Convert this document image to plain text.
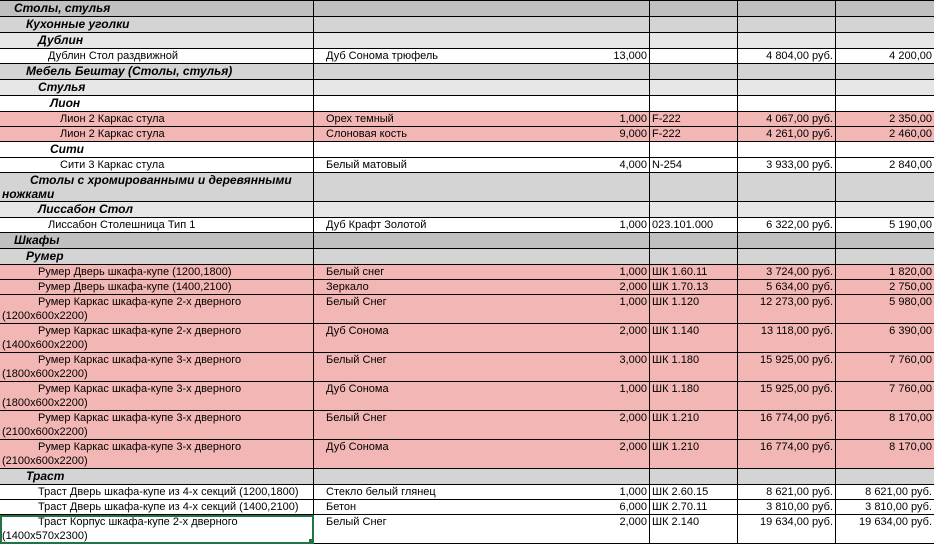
Столы, стулья					
Кухонные уголки					
Дублин					

Дублин Стол раздвижной	Дуб Сонома трюфель	13,000		4 804,00 руб.	4 200,00
Мебель Бештау (Столы, стулья)					
Стулья					
Лион					

Лион 2 Каркас стула	Орех темный	1,000	F-222	4 067,00 руб.	2 350,00

Лион 2 Каркас стула	Слоновая кость	9,000	F-222	4 261,00 руб.	2 460,00
Сити					

Сити 3 Каркас стула	Белый матовый	4,000	N-254	3 933,00 руб.	2 840,00

Столы с хромированными и деревянными ножками					

Лиссабон Стол					

Лиссабон Столешница Тип 1	Дуб Крафт Золотой	1,000	023.101.000	6 322,00 руб.	5 190,00
Шкафы					
Румер					

Румер Дверь шкафа-купе (1200,1800)	Белый снег	1,000	ШК 1.60.11	3 724,00 руб.	1 820,00

Румер Дверь шкафа-купе (1400,2100)	Зеркало	2,000	ШК 1.70.13	5 634,00 руб.	2 750,00

Румер Каркас шкафа-купе 2-х дверного (1200x600x2200)	Белый Снег	1,000	ШК 1.120	12 273,00 руб.	5 980,00

Румер Каркас шкафа-купе 2-х дверного (1400x600x2200)	Дуб Сонома	2,000	ШК 1.140	13 118,00 руб.	6 390,00

Румер Каркас шкафа-купе 3-х дверного (1800x600x2200)	Белый Снег	3,000	ШК 1.180	15 925,00 руб.	7 760,00

Румер Каркас шкафа-купе 3-х дверного (1800x600x2200)	Дуб Сонома	1,000	ШК 1.180	15 925,00 руб.	7 760,00

Румер Каркас шкафа-купе 3-х дверного (2100x600x2200)	Белый Снег	2,000	ШК 1.210	16 774,00 руб.	8 170,00

Румер Каркас шкафа-купе 3-х дверного (2100x600x2200)	Дуб Сонома	2,000	ШК 1.210	16 774,00 руб.	8 170,00
Траст					

Траст Дверь шкафа-купе из 4-х секций (1200,1800)	Стекло белый глянец	1,000	ШК 2.60.15	8 621,00 руб.	8 621,00 руб.

Траст Дверь шкафа-купе из 4-х секций (1400,2100)	Бетон	6,000	ШК 2.70.11	3 810,00 руб.	3 810,00 руб.

Траст Корпус шкафа-купе 2-х дверного (1400x570x2300)	Белый Снег	2,000	ШК 2.140	19 634,00 руб.	19 634,00 руб.
